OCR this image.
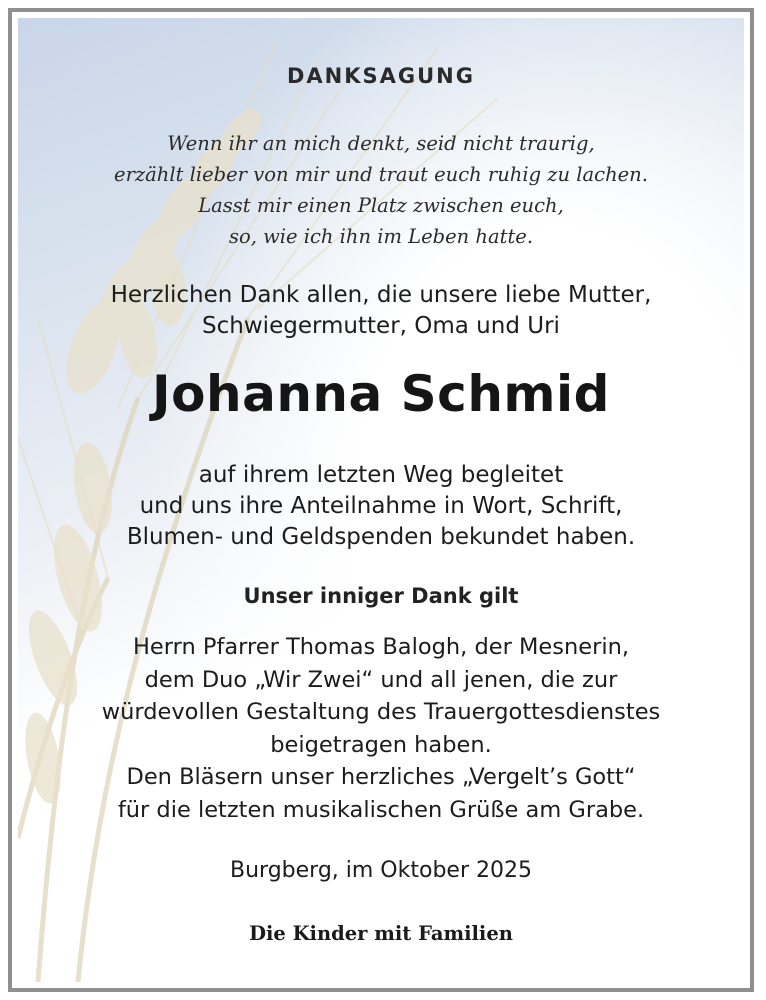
DANKSAGUNG
Wenn ihr an mich denkt, seid nicht traurig,
erzählt lieber von mir und traut euch ruhig zu lachen.
Lasst mir einen Platz zwischen euch,
so, wie ich ihn im Leben hatte.
Herzlichen Dank allen, die unsere liebe Mutter,
Schwiegermutter, Oma und Uri
Johanna Schmid
auf ihrem letzten Weg begleitet
und uns ihre Anteilnahme in Wort, Schrift,
Blumen- und Geldspenden bekundet haben.
Unser inniger Dank gilt
Herrn Pfarrer Thomas Balogh, der Mesnerin,
dem Duo „Wir Zwei“ und all jenen, die zur
würdevollen Gestaltung des Trauergottesdienstes
beigetragen haben.
Den Bläsern unser herzliches „Vergelt’s Gott“
für die letzten musikalischen Grüße am Grabe.
Burgberg, im Oktober 2025
Die Kinder mit Familien
